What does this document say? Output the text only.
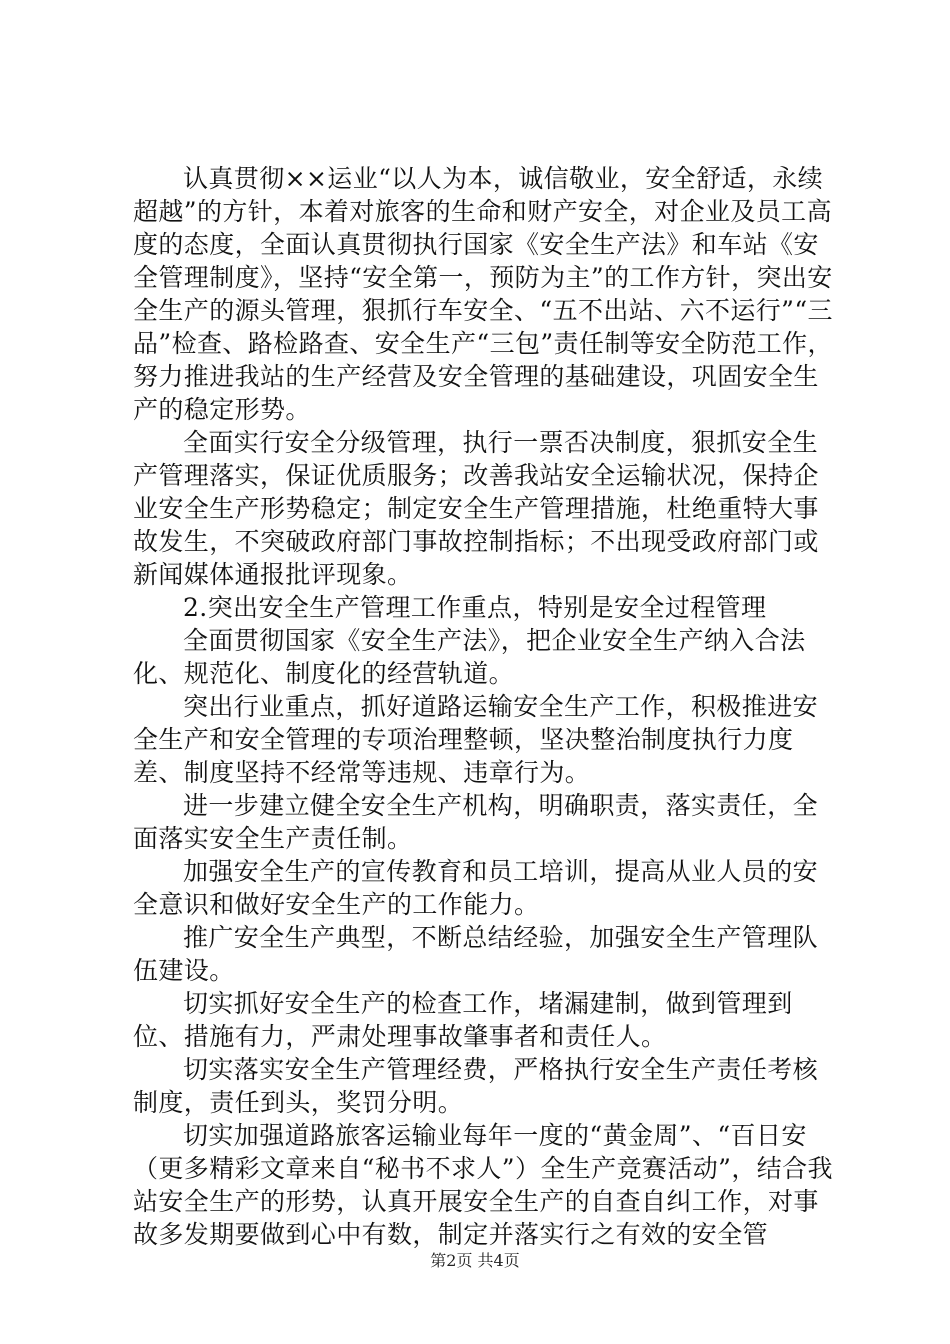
认真贯彻××运业“以人为本，诚信敬业，安全舒适，永续超越”的方针，本着对旅客的生命和财产安全，对企业及员工高度的态度，全面认真贯彻执行国家《安全生产法》和车站《安全管理制度》，坚持“安全第一，预防为主”的工作方针，突出安全生产的源头管理，狠抓行车安全、“五不出站、六不运行”“三品”检查、路检路查、安全生产“三包”责任制等安全防范工作，努力推进我站的生产经营及安全管理的基础建设，巩固安全生产的稳定形势。

全面实行安全分级管理，执行一票否决制度，狠抓安全生产管理落实，保证优质服务；改善我站安全运输状况，保持企业安全生产形势稳定；制定安全生产管理措施，杜绝重特大事故发生，不突破政府部门事故控制指标；不出现受政府部门或新闻媒体通报批评现象。

2.突出安全生产管理工作重点，特别是安全过程管理

全面贯彻国家《安全生产法》，把企业安全生产纳入合法化、规范化、制度化的经营轨道。

突出行业重点，抓好道路运输安全生产工作，积极推进安全生产和安全管理的专项治理整顿，坚决整治制度执行力度差、制度坚持不经常等违规、违章行为。

进一步建立健全安全生产机构，明确职责，落实责任，全面落实安全生产责任制。

加强安全生产的宣传教育和员工培训，提高从业人员的安全意识和做好安全生产的工作能力。

推广安全生产典型，不断总结经验，加强安全生产管理队伍建设。

切实抓好安全生产的检查工作，堵漏建制，做到管理到位、措施有力，严肃处理事故肇事者和责任人。

切实落实安全生产管理经费，严格执行安全生产责任考核制度，责任到头，奖罚分明。

切实加强道路旅客运输业每年一度的“黄金周”、“百日安（更多精彩文章来自“秘书不求人”）全生产竞赛活动”，结合我站安全生产的形势，认真开展安全生产的自查自纠工作，对事故多发期要做到心中有数，制定并落实行之有效的安全管

第2页 共4页
